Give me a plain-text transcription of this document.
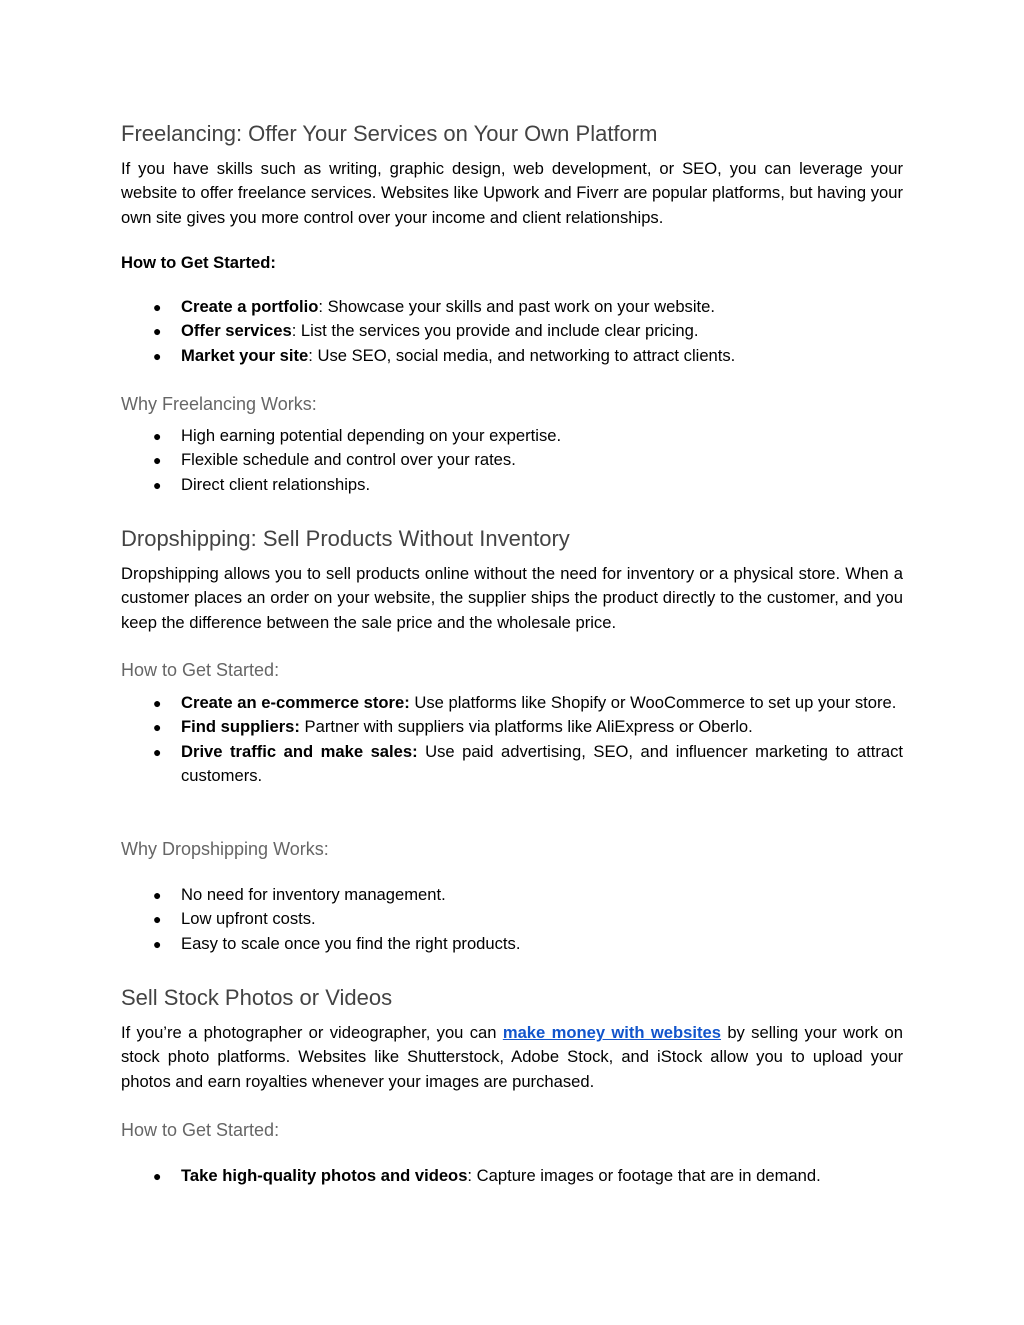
Freelancing: Offer Your Services on Your Own Platform

If you have skills such as writing, graphic design, web development, or SEO, you can leverage your website to offer freelance services. Websites like Upwork and Fiverr are popular platforms, but having your own site gives you more control over your income and client relationships.

How to Get Started:

● Create a portfolio: Showcase your skills and past work on your website.
● Offer services: List the services you provide and include clear pricing.
● Market your site: Use SEO, social media, and networking to attract clients.
Why Freelancing Works:
● High earning potential depending on your expertise.
● Flexible schedule and control over your rates.
● Direct client relationships.
Dropshipping: Sell Products Without Inventory

Dropshipping allows you to sell products online without the need for inventory or a physical store. When a customer places an order on your website, the supplier ships the product directly to the customer, and you keep the difference between the sale price and the wholesale price.

How to Get Started:
● Create an e-commerce store: Use platforms like Shopify or WooCommerce to set up your store.
● Find suppliers: Partner with suppliers via platforms like AliExpress or Oberlo.
● Drive traffic and make sales: Use paid advertising, SEO, and influencer marketing to attract customers.
Why Dropshipping Works:
● No need for inventory management.
● Low upfront costs.
● Easy to scale once you find the right products.
Sell Stock Photos or Videos

If you’re a photographer or videographer, you can make money with websites by selling your work on stock photo platforms. Websites like Shutterstock, Adobe Stock, and iStock allow you to upload your photos and earn royalties whenever your images are purchased.

How to Get Started:
● Take high-quality photos and videos: Capture images or footage that are in demand.
